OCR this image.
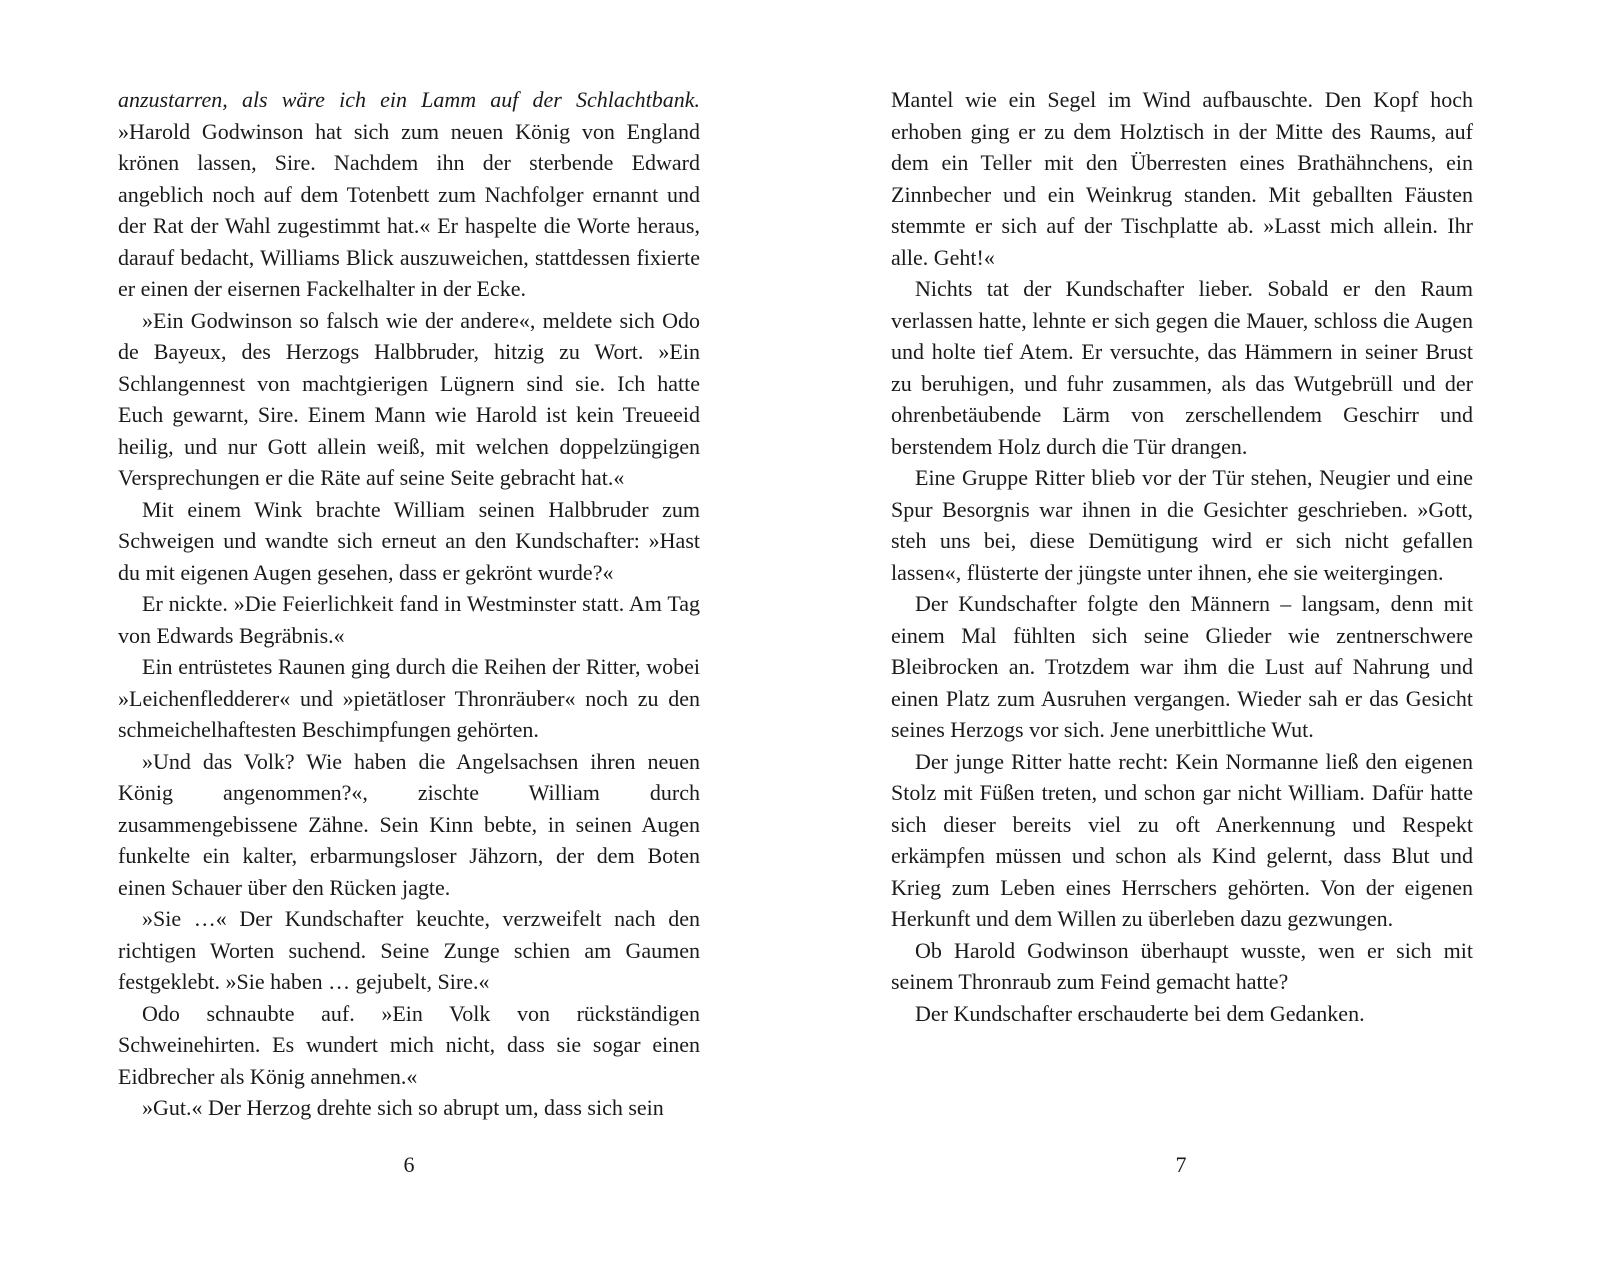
anzustarren, als wäre ich ein Lamm auf der Schlachtbank. »Harold Godwinson hat sich zum neuen König von England krönen lassen, Sire. Nachdem ihn der sterbende Edward angeblich noch auf dem Totenbett zum Nachfolger ernannt und der Rat der Wahl zugestimmt hat.« Er haspelte die Worte heraus, darauf bedacht, Williams Blick auszuweichen, stattdessen fixierte er einen der eisernen Fackelhalter in der Ecke.

»Ein Godwinson so falsch wie der andere«, meldete sich Odo de Bayeux, des Herzogs Halbbruder, hitzig zu Wort. »Ein Schlangennest von machtgierigen Lügnern sind sie. Ich hatte Euch gewarnt, Sire. Einem Mann wie Harold ist kein Treueeid heilig, und nur Gott allein weiß, mit welchen doppelzüngigen Versprechungen er die Räte auf seine Seite gebracht hat.«

Mit einem Wink brachte William seinen Halbbruder zum Schweigen und wandte sich erneut an den Kundschafter: »Hast du mit eigenen Augen gesehen, dass er gekrönt wurde?«

Er nickte. »Die Feierlichkeit fand in Westminster statt. Am Tag von Edwards Begräbnis.«

Ein entrüstetes Raunen ging durch die Reihen der Ritter, wobei »Leichenfledderer« und »pietätloser Thronräuber« noch zu den schmeichelhaftesten Beschimpfungen gehörten.

»Und das Volk? Wie haben die Angelsachsen ihren neuen König angenommen?«, zischte William durch zusammengebissene Zähne. Sein Kinn bebte, in seinen Augen funkelte ein kalter, erbarmungsloser Jähzorn, der dem Boten einen Schauer über den Rücken jagte.

»Sie …« Der Kundschafter keuchte, verzweifelt nach den richtigen Worten suchend. Seine Zunge schien am Gaumen festgeklebt. »Sie haben … gejubelt, Sire.«

Odo schnaubte auf. »Ein Volk von rückständigen Schweinehirten. Es wundert mich nicht, dass sie sogar einen Eidbrecher als König annehmen.«

»Gut.« Der Herzog drehte sich so abrupt um, dass sich sein

6

Mantel wie ein Segel im Wind aufbauschte. Den Kopf hoch erhoben ging er zu dem Holztisch in der Mitte des Raums, auf dem ein Teller mit den Überresten eines Brathähnchens, ein Zinnbecher und ein Weinkrug standen. Mit geballten Fäusten stemmte er sich auf der Tischplatte ab. »Lasst mich allein. Ihr alle. Geht!«

Nichts tat der Kundschafter lieber. Sobald er den Raum verlassen hatte, lehnte er sich gegen die Mauer, schloss die Augen und holte tief Atem. Er versuchte, das Hämmern in seiner Brust zu beruhigen, und fuhr zusammen, als das Wutgebrüll und der ohrenbetäubende Lärm von zerschellendem Geschirr und berstendem Holz durch die Tür drangen.

Eine Gruppe Ritter blieb vor der Tür stehen, Neugier und eine Spur Besorgnis war ihnen in die Gesichter geschrieben. »Gott, steh uns bei, diese Demütigung wird er sich nicht gefallen lassen«, flüsterte der jüngste unter ihnen, ehe sie weitergingen.

Der Kundschafter folgte den Männern – langsam, denn mit einem Mal fühlten sich seine Glieder wie zentnerschwere Bleibrocken an. Trotzdem war ihm die Lust auf Nahrung und einen Platz zum Ausruhen vergangen. Wieder sah er das Gesicht seines Herzogs vor sich. Jene unerbittliche Wut.

Der junge Ritter hatte recht: Kein Normanne ließ den eigenen Stolz mit Füßen treten, und schon gar nicht William. Dafür hatte sich dieser bereits viel zu oft Anerkennung und Respekt erkämpfen müssen und schon als Kind gelernt, dass Blut und Krieg zum Leben eines Herrschers gehörten. Von der eigenen Herkunft und dem Willen zu überleben dazu gezwungen.

Ob Harold Godwinson überhaupt wusste, wen er sich mit seinem Thronraub zum Feind gemacht hatte?

Der Kundschafter erschauderte bei dem Gedanken.

7
